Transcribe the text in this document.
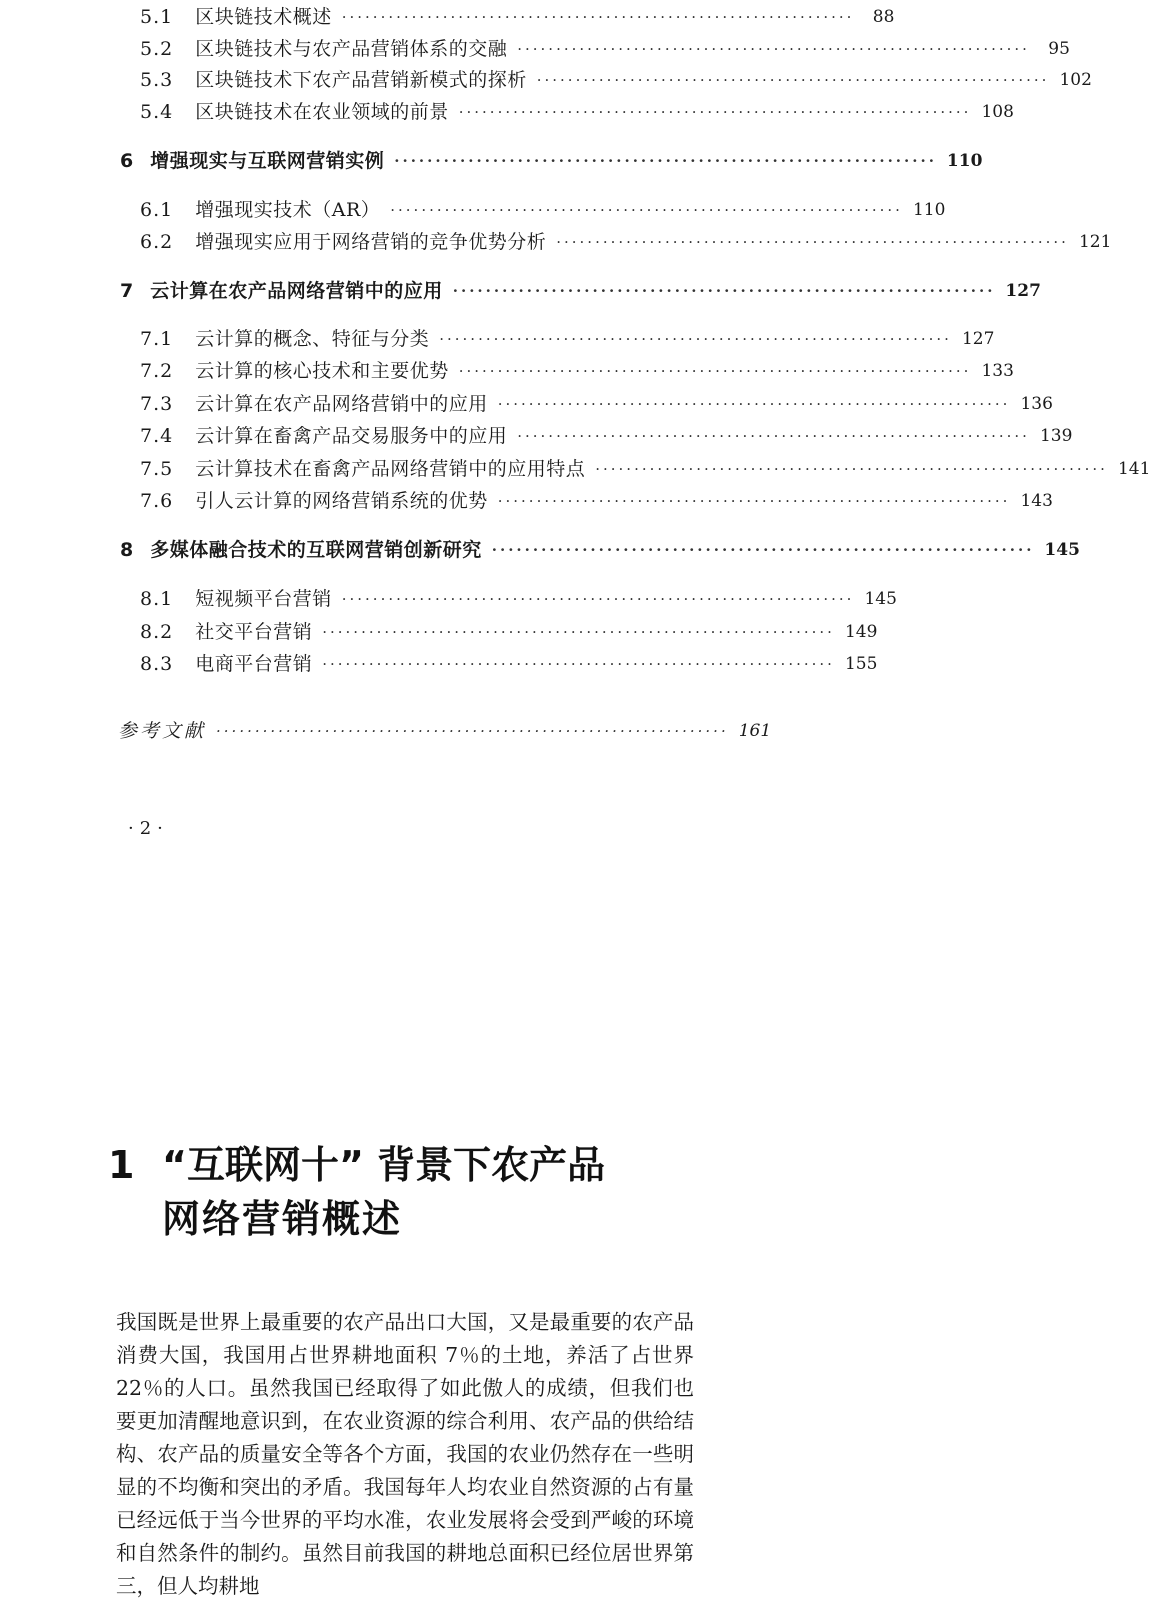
5.1 区块链技术概述 ··································································	88
5.2 区块链技术与农产品营销体系的交融 ··································································	95
5.3 区块链技术下农产品营销新模式的探析 ·································································· 102
5.4 区块链技术在农业领域的前景 ·································································· 108
6 增强现实与互联网营销实例 ·································································· 110
6.1 增强现实技术（AR） ·································································· 110
6.2 增强现实应用于网络营销的竞争优势分析 ·································································· 121
7 云计算在农产品网络营销中的应用 ·································································· 127
7.1 云计算的概念、特征与分类 ·································································· 127
7.2 云计算的核心技术和主要优势 ·································································· 133
7.3 云计算在农产品网络营销中的应用 ·································································· 136
7.4 云计算在畜禽产品交易服务中的应用 ·································································· 139
7.5 云计算技术在畜禽产品网络营销中的应用特点 ·································································· 141
7.6 引人云计算的网络营销系统的优势 ·································································· 143
8 多媒体融合技术的互联网营销创新研究 ·································································· 145
8.1 短视频平台营销 ·································································· 145
8.2 社交平台营销 ·································································· 149
8.3 电商平台营销 ·································································· 155
参考文献 ·································································· 161
·2·
1 “互联网十” 背景下农产品
网络营销概述

我国既是世界上最重要的农产品出口大国，又是最重要的农产品消费大国，我国用占世界耕地面积 7％的土地，养活了占世界22％的人口。虽然我国已经取得了如此傲人的成绩，但我们也要更加清醒地意识到，在农业资源的综合利用、农产品的供给结构、农产品的质量安全等各个方面，我国的农业仍然存在一些明显的不均衡和突出的矛盾。我国每年人均农业自然资源的占有量已经远低于当今世界的平均水准，农业发展将会受到严峻的环境和自然条件的制约。虽然目前我国的耕地总面积已经位居世界第三，但人均耕地
